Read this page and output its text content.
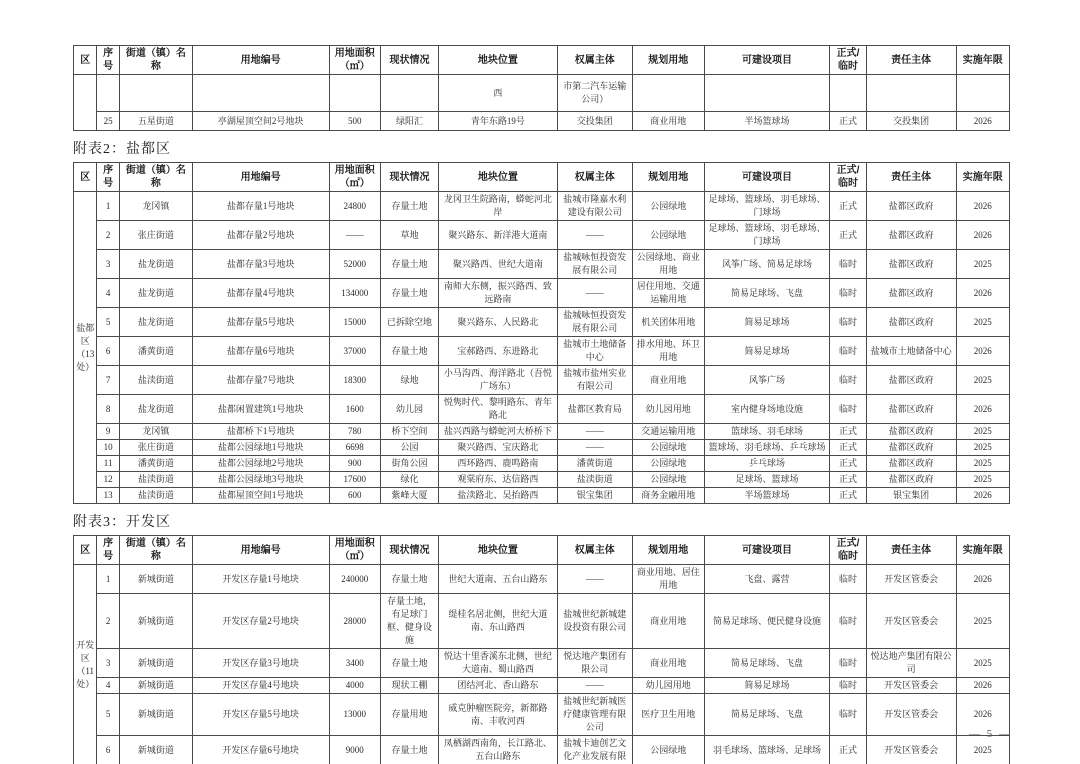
区	序号	街道（镇）名称	用地编号	用地面积（㎡）	现状情况	地块位置	权属主体	规划用地	可建设项目	正式/临时	责任主体	实施年限
						西	市第二汽车运输公司）					
	25	五星街道	亭湖屋顶空间2号地块	500	绿阳汇	青年东路19号	交投集团	商业用地	半场篮球场	正式	交投集团	2026
附表2：盐都区
区	序号	街道（镇）名称	用地编号	用地面积（㎡）	现状情况	地块位置	权属主体	规划用地	可建设项目	正式/临时	责任主体	实施年限
盐都区（13处）	1	龙冈镇	盐都存量1号地块	24800	存量土地	龙冈卫生院路南，蟒蛇河北岸	盐城市隆嘉水利建设有限公司	公园绿地	足球场、篮球场、羽毛球场、门球场	正式	盐都区政府	2026
	2	张庄街道	盐都存量2号地块	——	草地	聚兴路东、新洋港大道南	——	公园绿地	足球场、篮球场、羽毛球场、门球场	正式	盐都区政府	2026
	3	盐龙街道	盐都存量3号地块	52000	存量土地	聚兴路西、世纪大道南	盐城咏恒投资发展有限公司	公园绿地、商业用地	风筝广场、简易足球场	临时	盐都区政府	2025
	4	盐龙街道	盐都存量4号地块	134000	存量土地	南师大东侧，振兴路西、致远路南	——	居住用地、交通运输用地	简易足球场、飞盘	临时	盐都区政府	2026
	5	盐龙街道	盐都存量5号地块	15000	已拆除空地	聚兴路东、人民路北	盐城咏恒投资发展有限公司	机关团体用地	简易足球场	临时	盐都区政府	2025
	6	潘黄街道	盐都存量6号地块	37000	存量土地	宝郝路西、东进路北	盐城市土地储备中心	排水用地、环卫用地	简易足球场	临时	盐城市土地储备中心	2026
	7	盐渎街道	盐都存量7号地块	18300	绿地	小马沟西、海洋路北（吾悦广场东）	盐城市盐州实业有限公司	商业用地	风筝广场	临时	盐都区政府	2025
	8	盐龙街道	盐都闲置建筑1号地块	1600	幼儿园	悦隽时代、黎明路东、青年路北	盐都区教育局	幼儿园用地	室内健身场地设施	临时	盐都区政府	2026
	9	龙冈镇	盐都桥下1号地块	780	桥下空间	盐兴西路与蟒蛇河大桥桥下	——	交通运输用地	篮球场、羽毛球场	正式	盐都区政府	2025
	10	张庄街道	盐都公园绿地1号地块	6698	公园	聚兴路西、宝庆路北	——	公园绿地	篮球场、羽毛球场、乒乓球场	正式	盐都区政府	2025
	11	潘黄街道	盐都公园绿地2号地块	900	街角公园	西环路西、鹿鸣路南	潘黄街道	公园绿地	乒乓球场	正式	盐都区政府	2025
	12	盐渎街道	盐都公园绿地3号地块	17600	绿化	观棠府东、达信路西	盐渎街道	公园绿地	足球场、篮球场	正式	盐都区政府	2025
	13	盐渎街道	盐都屋顶空间1号地块	600	紫峰大厦	盐渎路北、吴抬路西	银宝集团	商务金融用地	半场篮球场	正式	银宝集团	2026
附表3：开发区
区	序号	街道（镇）名称	用地编号	用地面积（㎡）	现状情况	地块位置	权属主体	规划用地	可建设项目	正式/临时	责任主体	实施年限
开发区（11处）	1	新城街道	开发区存量1号地块	240000	存量土地	世纪大道南、五台山路东	——	商业用地、居住用地	飞盘、露营	临时	开发区管委会	2026
	2	新城街道	开发区存量2号地块	28000	存量土地，有足球门框、健身设施	缇桂名居北侧，世纪大道南、东山路西	盐城世纪新城建设投资有限公司	商业用地	简易足球场、便民健身设施	临时	开发区管委会	2025
	3	新城街道	开发区存量3号地块	3400	存量土地	悦达十里香溪东北侧，世纪大道南、蜀山路西	悦达地产集团有限公司	商业用地	简易足球场、飞盘	临时	悦达地产集团有限公司	2025
	4	新城街道	开发区存量4号地块	4000	现状工棚	团结河北、香山路东	——	幼儿园用地	简易足球场	临时	开发区管委会	2026
	5	新城街道	开发区存量5号地块	13000	存量用地	威克肿瘤医院旁，新都路南、丰收河西	盐城世纪新城医疗健康管理有限公司	医疗卫生用地	简易足球场、飞盘	临时	开发区管委会	2026
	6	新城街道	开发区存量6号地块	9000	存量土地	凤栖湖西南角，长江路北、五台山路东	盐城卡迪创艺文化产业发展有限	公园绿地	羽毛球场、篮球场、足球场	正式	开发区管委会	2025
— 5 —
